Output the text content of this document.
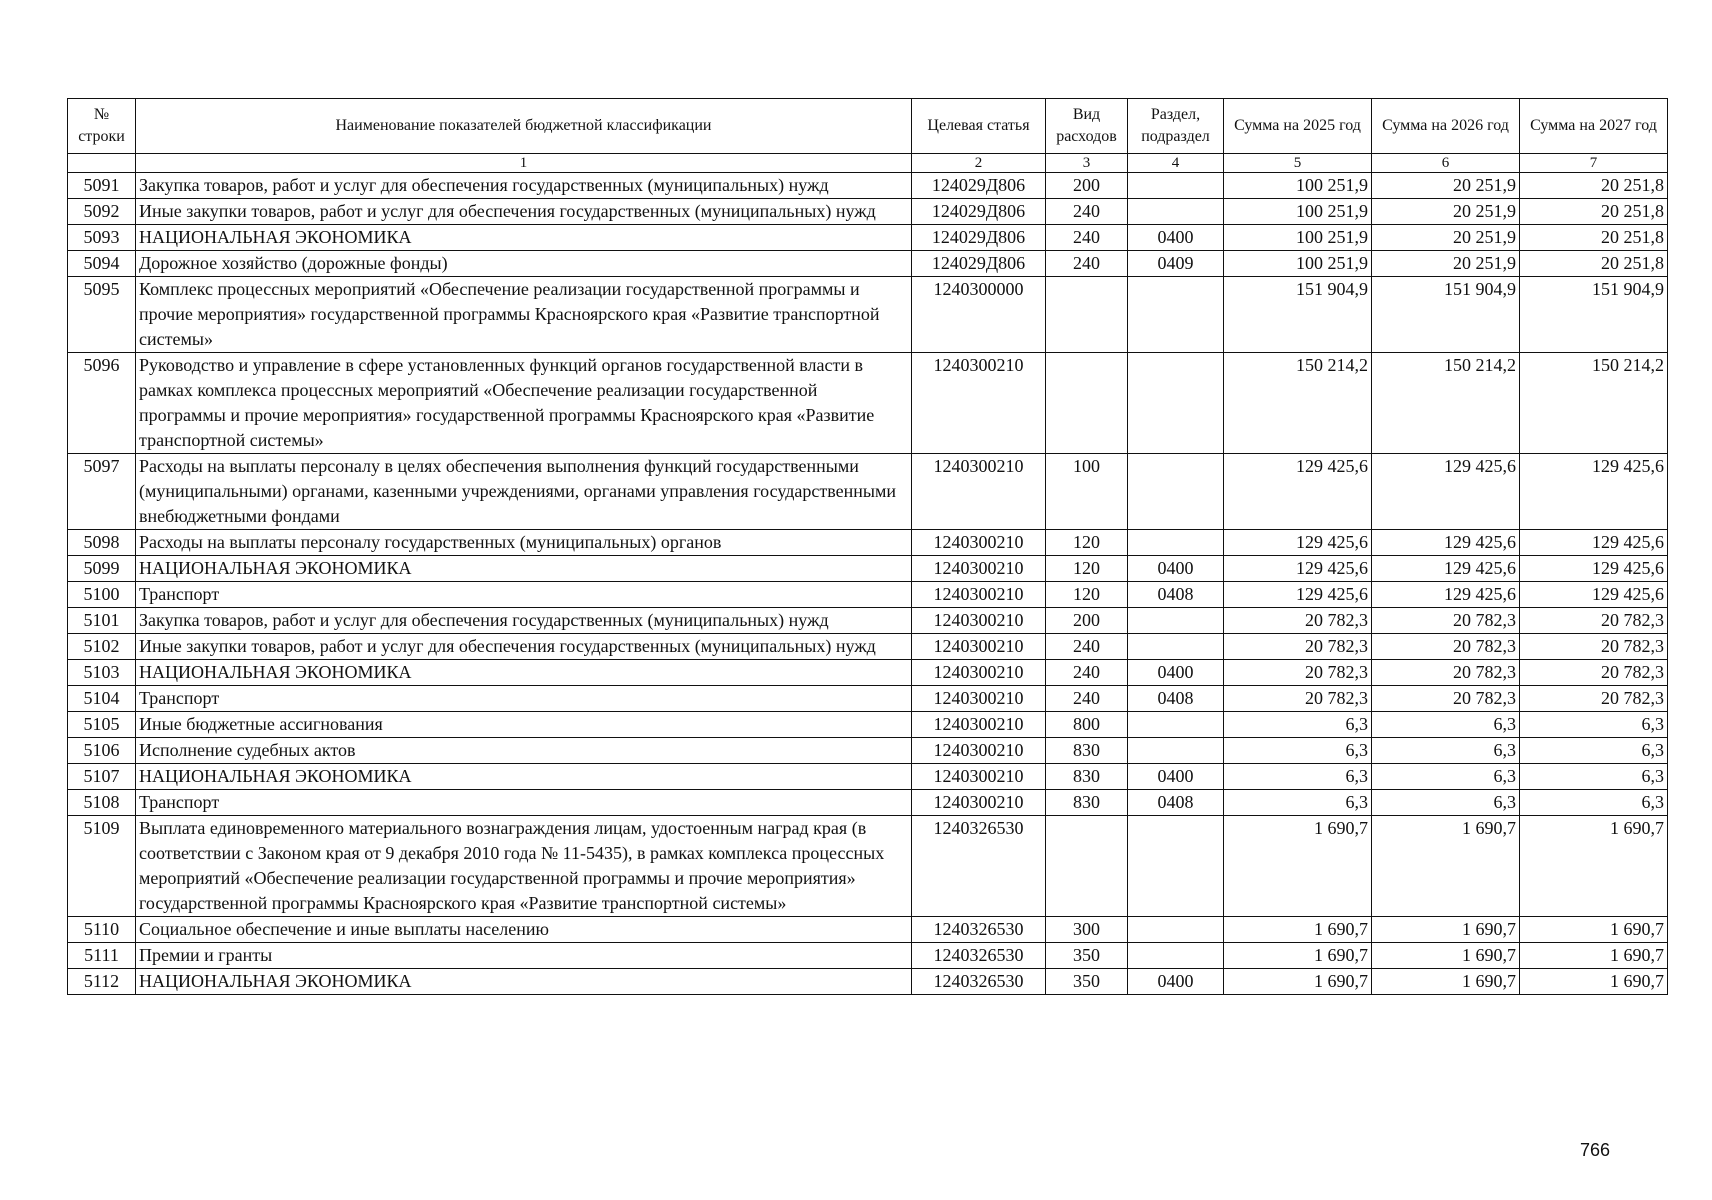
№ строки	Наименование показателей бюджетной классификации	Целевая статья	Вид расходов	Раздел, подраздел	Сумма на 2025 год	Сумма на 2026 год	Сумма на 2027 год
	1	2	3	4	5	6	7
5091	Закупка товаров, работ и услуг для обеспечения государственных (муниципальных) нужд	124029Д806	200		100 251,9	20 251,9	20 251,8
5092	Иные закупки товаров, работ и услуг для обеспечения государственных (муниципальных) нужд	124029Д806	240		100 251,9	20 251,9	20 251,8
5093	НАЦИОНАЛЬНАЯ ЭКОНОМИКА	124029Д806	240	0400	100 251,9	20 251,9	20 251,8
5094	Дорожное хозяйство (дорожные фонды)	124029Д806	240	0409	100 251,9	20 251,9	20 251,8
5095	Комплекс процессных мероприятий «Обеспечение реализации государственной программы и прочие мероприятия» государственной программы Красноярского края «Развитие транспортной системы»	1240300000			151 904,9	151 904,9	151 904,9
5096	Руководство и управление в сфере установленных функций органов государственной власти в рамках комплекса процессных мероприятий «Обеспечение реализации государственной программы и прочие мероприятия» государственной программы Красноярского края «Развитие транспортной системы»	1240300210			150 214,2	150 214,2	150 214,2
5097	Расходы на выплаты персоналу в целях обеспечения выполнения функций государственными (муниципальными) органами, казенными учреждениями, органами управления государственными внебюджетными фондами	1240300210	100		129 425,6	129 425,6	129 425,6
5098	Расходы на выплаты персоналу государственных (муниципальных) органов	1240300210	120		129 425,6	129 425,6	129 425,6
5099	НАЦИОНАЛЬНАЯ ЭКОНОМИКА	1240300210	120	0400	129 425,6	129 425,6	129 425,6
5100	Транспорт	1240300210	120	0408	129 425,6	129 425,6	129 425,6
5101	Закупка товаров, работ и услуг для обеспечения государственных (муниципальных) нужд	1240300210	200		20 782,3	20 782,3	20 782,3
5102	Иные закупки товаров, работ и услуг для обеспечения государственных (муниципальных) нужд	1240300210	240		20 782,3	20 782,3	20 782,3
5103	НАЦИОНАЛЬНАЯ ЭКОНОМИКА	1240300210	240	0400	20 782,3	20 782,3	20 782,3
5104	Транспорт	1240300210	240	0408	20 782,3	20 782,3	20 782,3
5105	Иные бюджетные ассигнования	1240300210	800		6,3	6,3	6,3
5106	Исполнение судебных актов	1240300210	830		6,3	6,3	6,3
5107	НАЦИОНАЛЬНАЯ ЭКОНОМИКА	1240300210	830	0400	6,3	6,3	6,3
5108	Транспорт	1240300210	830	0408	6,3	6,3	6,3
5109	Выплата единовременного материального вознаграждения лицам, удостоенным наград края (в соответствии с Законом края от 9 декабря 2010 года № 11-5435), в рамках комплекса процессных мероприятий «Обеспечение реализации государственной программы и прочие мероприятия» государственной программы Красноярского края «Развитие транспортной системы»	1240326530			1 690,7	1 690,7	1 690,7
5110	Социальное обеспечение и иные выплаты населению	1240326530	300		1 690,7	1 690,7	1 690,7
5111	Премии и гранты	1240326530	350		1 690,7	1 690,7	1 690,7
5112	НАЦИОНАЛЬНАЯ ЭКОНОМИКА	1240326530	350	0400	1 690,7	1 690,7	1 690,7
766
